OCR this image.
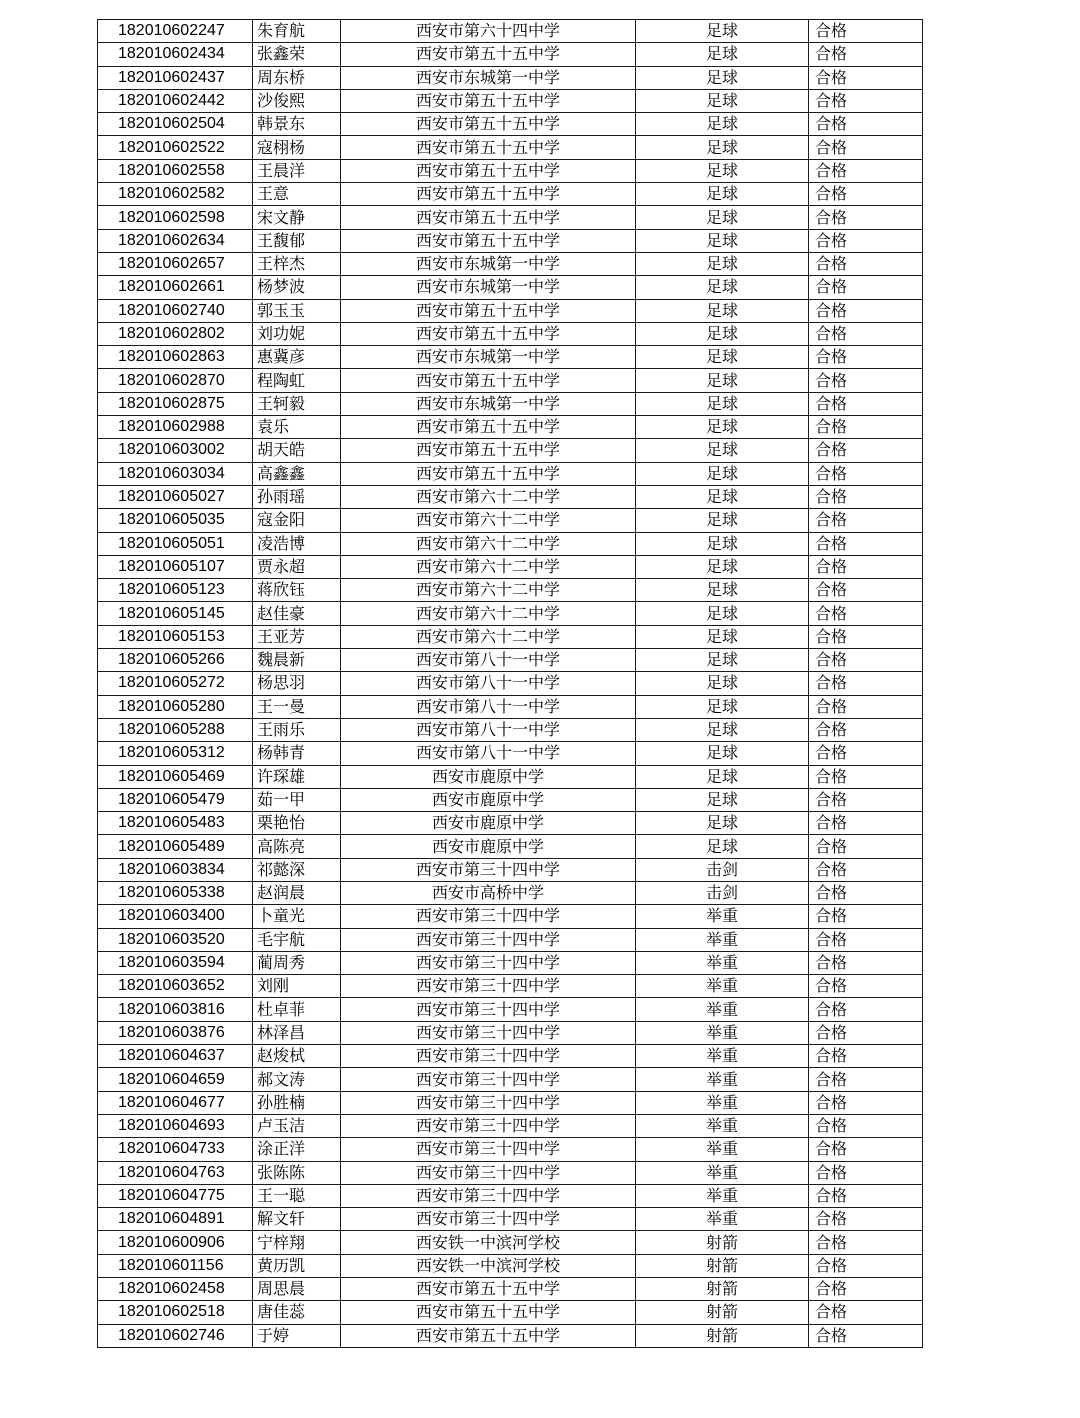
182010602247	朱育航	西安市第六十四中学	足球	合格
182010602434	张鑫荣	西安市第五十五中学	足球	合格
182010602437	周东桥	西安市东城第一中学	足球	合格
182010602442	沙俊熙	西安市第五十五中学	足球	合格
182010602504	韩景东	西安市第五十五中学	足球	合格
182010602522	寇栩杨	西安市第五十五中学	足球	合格
182010602558	王晨洋	西安市第五十五中学	足球	合格
182010602582	王意	西安市第五十五中学	足球	合格
182010602598	宋文静	西安市第五十五中学	足球	合格
182010602634	王馥郁	西安市第五十五中学	足球	合格
182010602657	王梓杰	西安市东城第一中学	足球	合格
182010602661	杨梦波	西安市东城第一中学	足球	合格
182010602740	郭玉玉	西安市第五十五中学	足球	合格
182010602802	刘功妮	西安市第五十五中学	足球	合格
182010602863	惠冀彦	西安市东城第一中学	足球	合格
182010602870	程陶虹	西安市第五十五中学	足球	合格
182010602875	王轲毅	西安市东城第一中学	足球	合格
182010602988	袁乐	西安市第五十五中学	足球	合格
182010603002	胡天皓	西安市第五十五中学	足球	合格
182010603034	高鑫鑫	西安市第五十五中学	足球	合格
182010605027	孙雨瑶	西安市第六十二中学	足球	合格
182010605035	寇金阳	西安市第六十二中学	足球	合格
182010605051	凌浩博	西安市第六十二中学	足球	合格
182010605107	贾永超	西安市第六十二中学	足球	合格
182010605123	蒋欣钰	西安市第六十二中学	足球	合格
182010605145	赵佳豪	西安市第六十二中学	足球	合格
182010605153	王亚芳	西安市第六十二中学	足球	合格
182010605266	魏晨新	西安市第八十一中学	足球	合格
182010605272	杨思羽	西安市第八十一中学	足球	合格
182010605280	王一曼	西安市第八十一中学	足球	合格
182010605288	王雨乐	西安市第八十一中学	足球	合格
182010605312	杨韩青	西安市第八十一中学	足球	合格
182010605469	许琛雄	西安市鹿原中学	足球	合格
182010605479	茹一甲	西安市鹿原中学	足球	合格
182010605483	栗艳怡	西安市鹿原中学	足球	合格
182010605489	高陈亮	西安市鹿原中学	足球	合格
182010603834	祁懿深	西安市第三十四中学	击剑	合格
182010605338	赵润晨	西安市高桥中学	击剑	合格
182010603400	卜童光	西安市第三十四中学	举重	合格
182010603520	毛宇航	西安市第三十四中学	举重	合格
182010603594	蔺周秀	西安市第三十四中学	举重	合格
182010603652	刘刚	西安市第三十四中学	举重	合格
182010603816	杜卓菲	西安市第三十四中学	举重	合格
182010603876	林泽昌	西安市第三十四中学	举重	合格
182010604637	赵焌栻	西安市第三十四中学	举重	合格
182010604659	郝文涛	西安市第三十四中学	举重	合格
182010604677	孙胜楠	西安市第三十四中学	举重	合格
182010604693	卢玉洁	西安市第三十四中学	举重	合格
182010604733	涂正洋	西安市第三十四中学	举重	合格
182010604763	张陈陈	西安市第三十四中学	举重	合格
182010604775	王一聪	西安市第三十四中学	举重	合格
182010604891	解文轩	西安市第三十四中学	举重	合格
182010600906	宁梓翔	西安铁一中滨河学校	射箭	合格
182010601156	黄历凯	西安铁一中滨河学校	射箭	合格
182010602458	周思晨	西安市第五十五中学	射箭	合格
182010602518	唐佳蕊	西安市第五十五中学	射箭	合格
182010602746	于婷	西安市第五十五中学	射箭	合格
